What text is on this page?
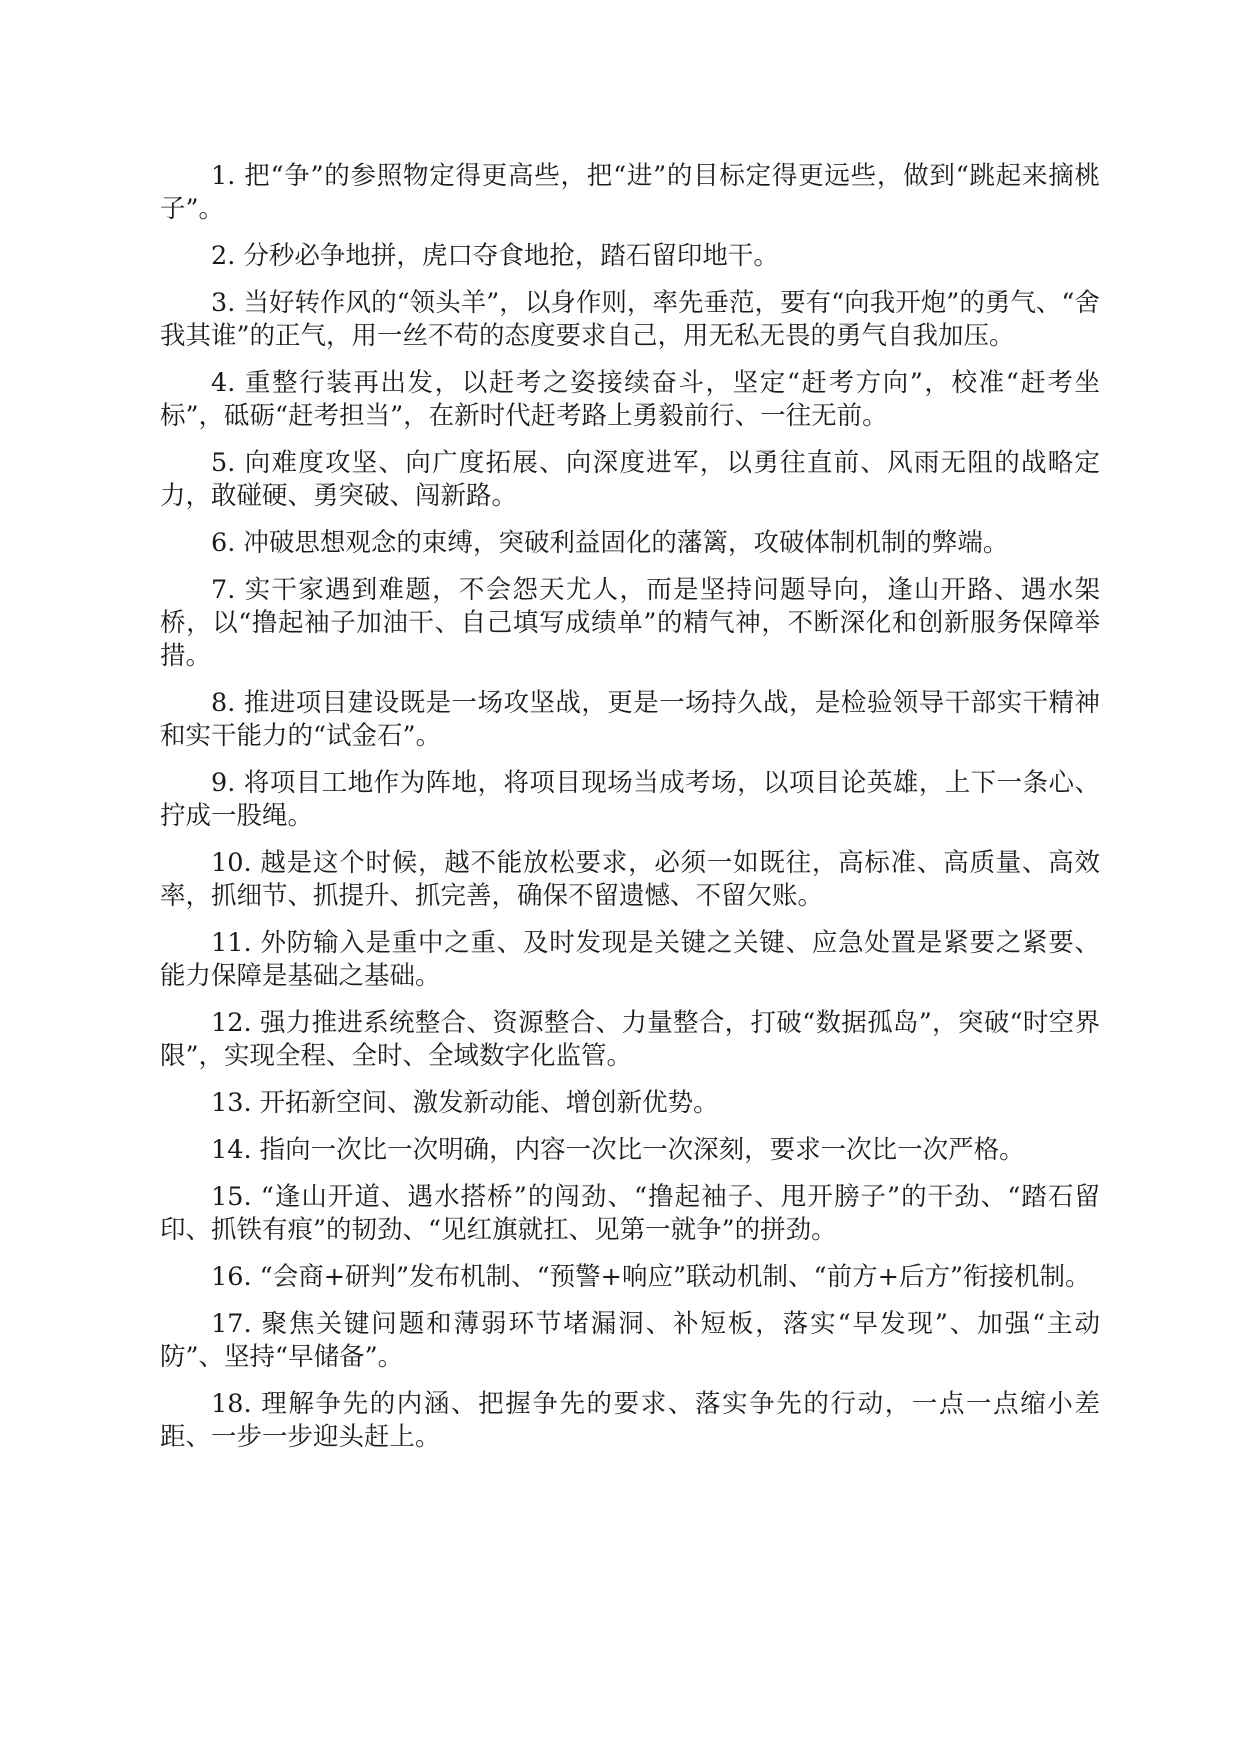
1. 把“争”的参照物定得更高些，把“进”的目标定得更远些，做到“跳起来摘桃子”。

2. 分秒必争地拼，虎口夺食地抢，踏石留印地干。

3. 当好转作风的“领头羊”，以身作则，率先垂范，要有“向我开炮”的勇气、“舍我其谁”的正气，用一丝不苟的态度要求自己，用无私无畏的勇气自我加压。

4. 重整行装再出发，以赶考之姿接续奋斗，坚定“赶考方向”，校准“赶考坐标”，砥砺“赶考担当”，在新时代赶考路上勇毅前行、一往无前。

5. 向难度攻坚、向广度拓展、向深度进军，以勇往直前、风雨无阻的战略定力，敢碰硬、勇突破、闯新路。

6. 冲破思想观念的束缚，突破利益固化的藩篱，攻破体制机制的弊端。

7. 实干家遇到难题，不会怨天尤人，而是坚持问题导向，逢山开路、遇水架桥，以“撸起袖子加油干、自己填写成绩单”的精气神，不断深化和创新服务保障举措。

8. 推进项目建设既是一场攻坚战，更是一场持久战，是检验领导干部实干精神和实干能力的“试金石”。

9. 将项目工地作为阵地，将项目现场当成考场，以项目论英雄，上下一条心、拧成一股绳。

10. 越是这个时候，越不能放松要求，必须一如既往，高标准、高质量、高效率，抓细节、抓提升、抓完善，确保不留遗憾、不留欠账。

11. 外防输入是重中之重、及时发现是关键之关键、应急处置是紧要之紧要、能力保障是基础之基础。

12. 强力推进系统整合、资源整合、力量整合，打破“数据孤岛”，突破“时空界限”，实现全程、全时、全域数字化监管。

13. 开拓新空间、激发新动能、增创新优势。

14. 指向一次比一次明确，内容一次比一次深刻，要求一次比一次严格。

15. “逢山开道、遇水搭桥”的闯劲、“撸起袖子、甩开膀子”的干劲、“踏石留印、抓铁有痕”的韧劲、“见红旗就扛、见第一就争”的拼劲。

16. “会商+研判”发布机制、“预警+响应”联动机制、“前方+后方”衔接机制。

17. 聚焦关键问题和薄弱环节堵漏洞、补短板，落实“早发现”、加强“主动防”、坚持“早储备”。

18. 理解争先的内涵、把握争先的要求、落实争先的行动，一点一点缩小差距、一步一步迎头赶上。
